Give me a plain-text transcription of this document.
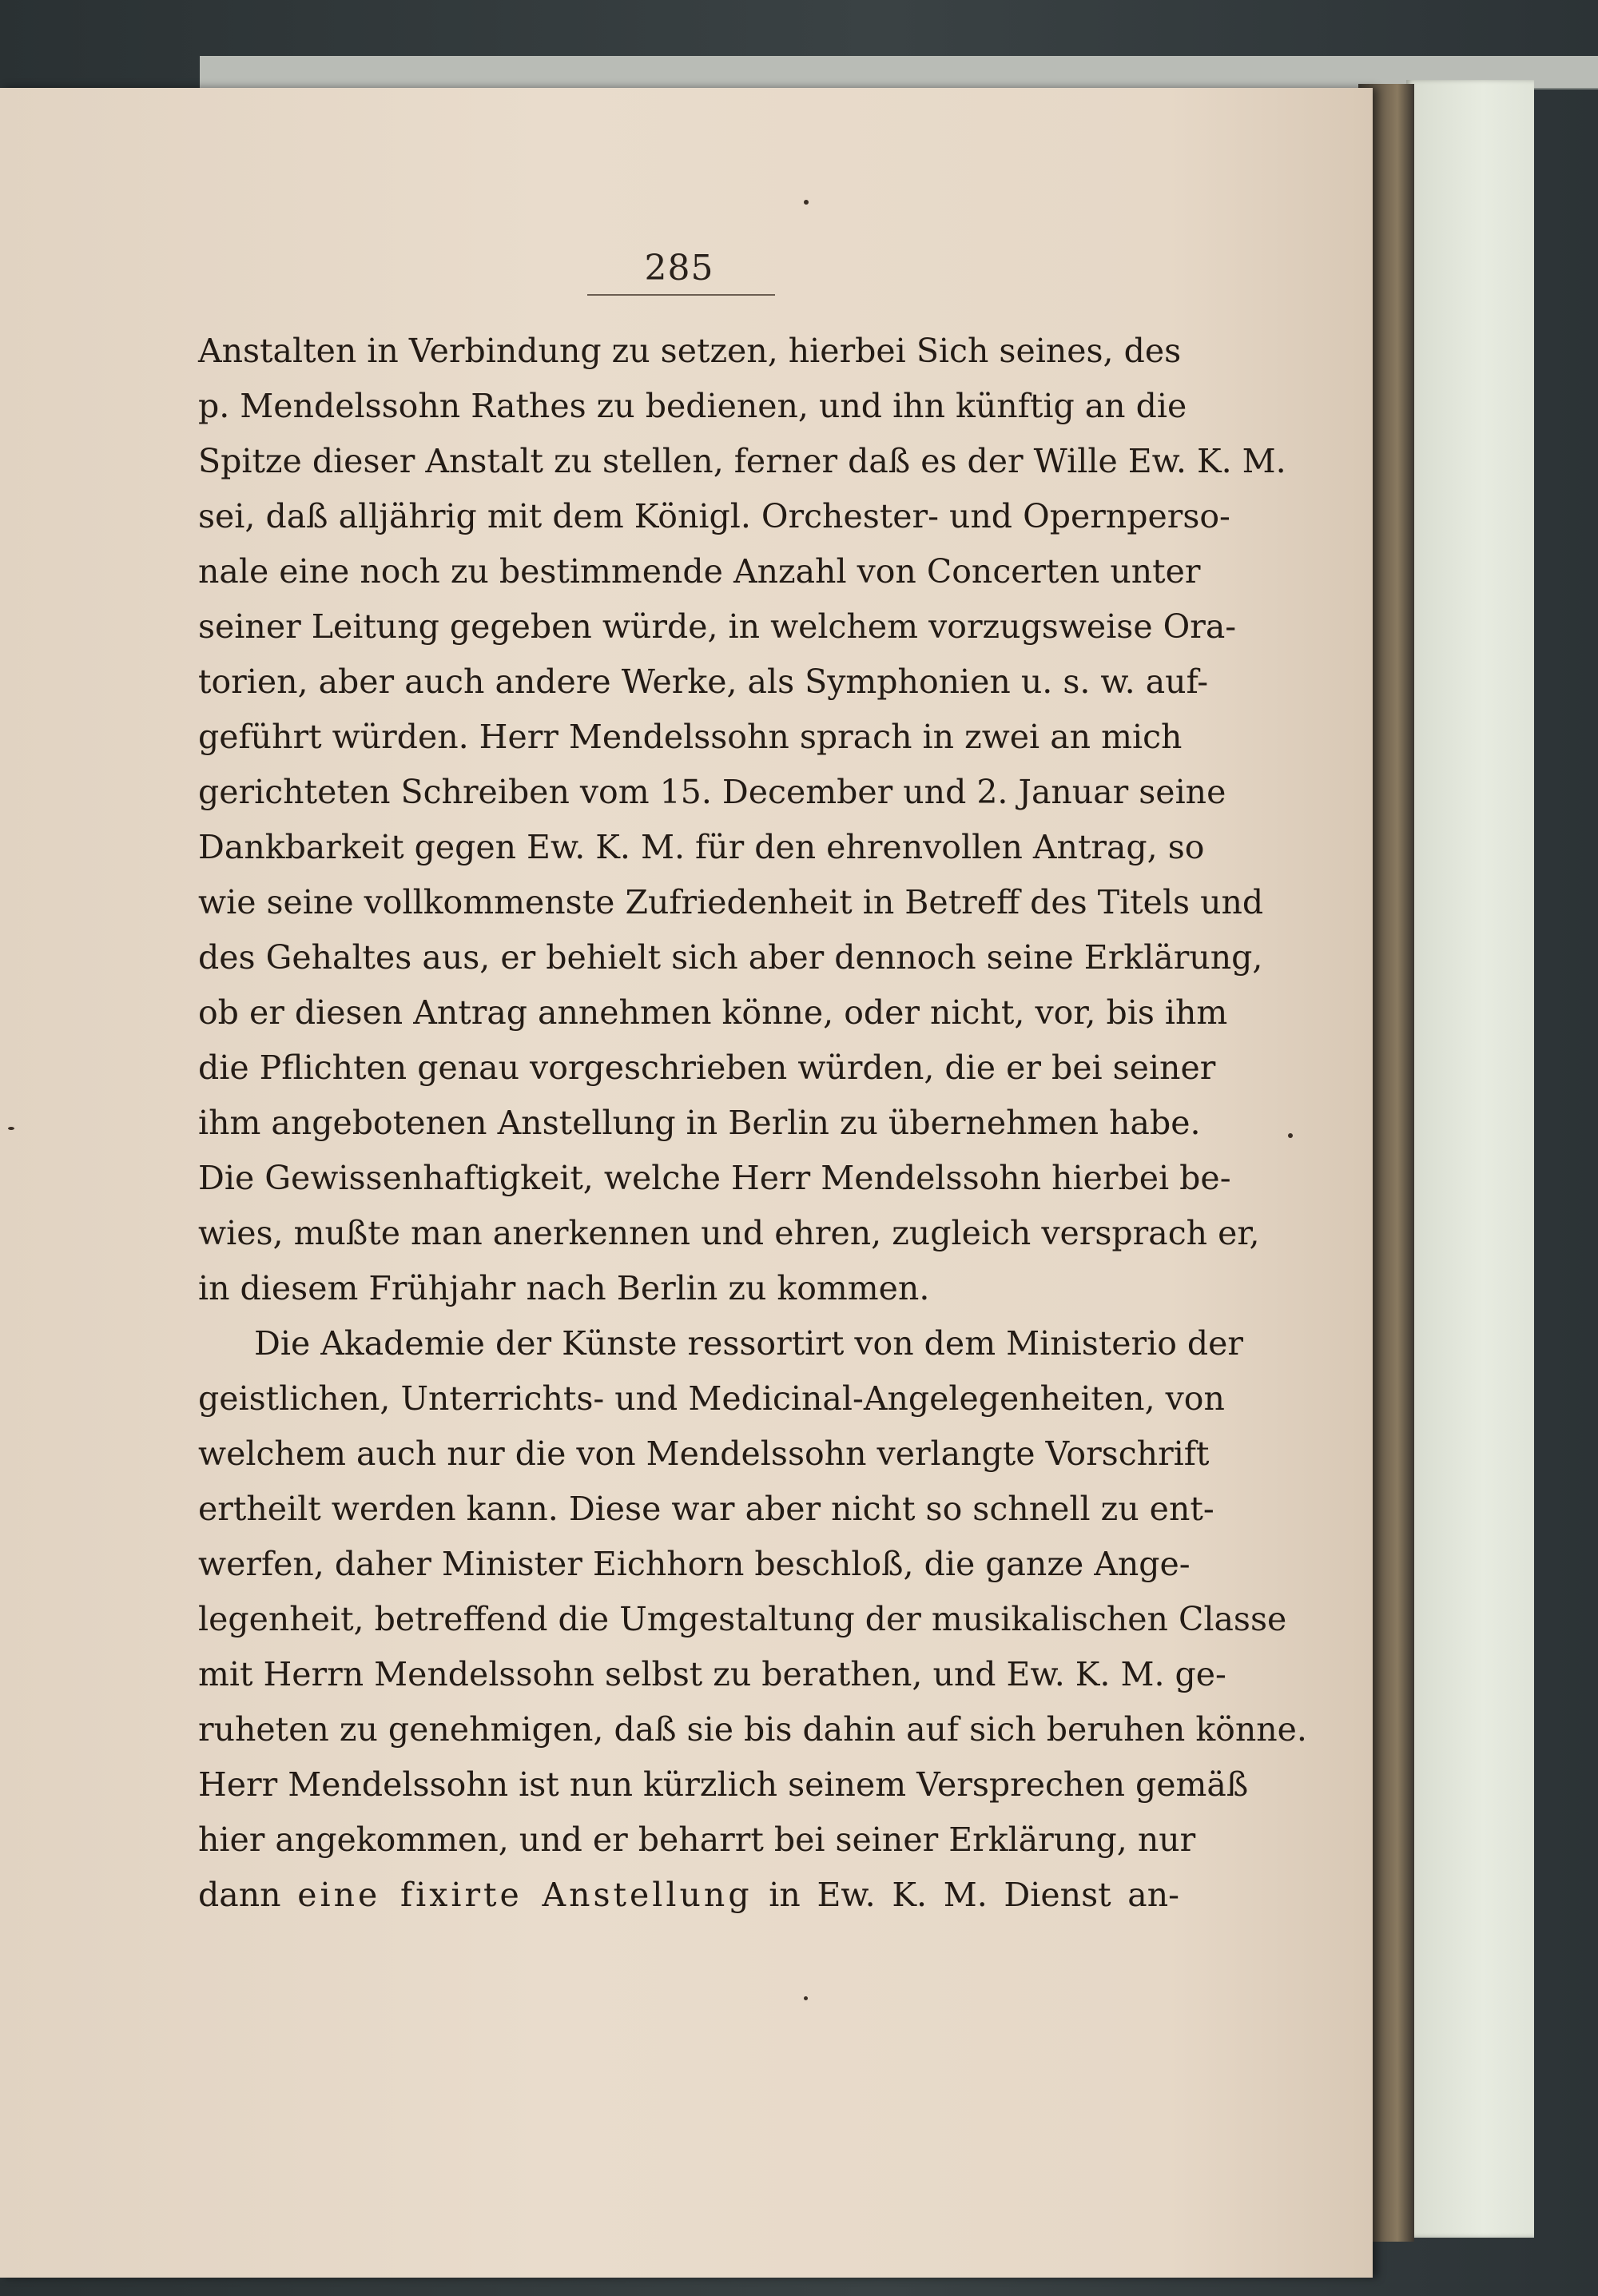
285
Anstalten in Verbindung zu setzen, hierbei Sich seines, des
p. Mendelssohn Rathes zu bedienen, und ihn künftig an die
Spitze dieser Anstalt zu stellen, ferner daß es der Wille Ew. K. M.
sei, daß alljährig mit dem Königl. Orchester- und Opernperso-
nale eine noch zu bestimmende Anzahl von Concerten unter
seiner Leitung gegeben würde, in welchem vorzugsweise Ora-
torien, aber auch andere Werke, als Symphonien u. s. w. auf-
geführt würden. Herr Mendelssohn sprach in zwei an mich
gerichteten Schreiben vom 15. December und 2. Januar seine
Dankbarkeit gegen Ew. K. M. für den ehrenvollen Antrag, so
wie seine vollkommenste Zufriedenheit in Betreff des Titels und
des Gehaltes aus, er behielt sich aber dennoch seine Erklärung,
ob er diesen Antrag annehmen könne, oder nicht, vor, bis ihm
die Pflichten genau vorgeschrieben würden, die er bei seiner
ihm angebotenen Anstellung in Berlin zu übernehmen habe.
Die Gewissenhaftigkeit, welche Herr Mendelssohn hierbei be-
wies, mußte man anerkennen und ehren, zugleich versprach er,
in diesem Frühjahr nach Berlin zu kommen.
Die Akademie der Künste ressortirt von dem Ministerio der
geistlichen, Unterrichts- und Medicinal-Angelegenheiten, von
welchem auch nur die von Mendelssohn verlangte Vorschrift
ertheilt werden kann. Diese war aber nicht so schnell zu ent-
werfen, daher Minister Eichhorn beschloß, die ganze Ange-
legenheit, betreffend die Umgestaltung der musikalischen Classe
mit Herrn Mendelssohn selbst zu berathen, und Ew. K. M. ge-
ruheten zu genehmigen, daß sie bis dahin auf sich beruhen könne.
Herr Mendelssohn ist nun kürzlich seinem Versprechen gemäß
hier angekommen, und er beharrt bei seiner Erklärung, nur
dann eine fixirte Anstellung in Ew. K. M. Dienst an-
